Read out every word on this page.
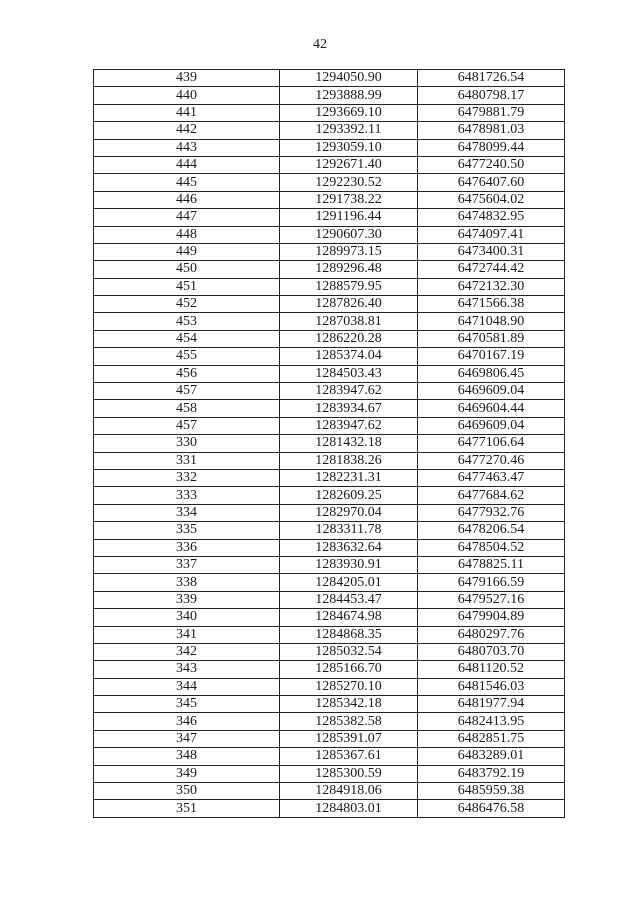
42
439	1294050.90	6481726.54
440	1293888.99	6480798.17
441	1293669.10	6479881.79
442	1293392.11	6478981.03
443	1293059.10	6478099.44
444	1292671.40	6477240.50
445	1292230.52	6476407.60
446	1291738.22	6475604.02
447	1291196.44	6474832.95
448	1290607.30	6474097.41
449	1289973.15	6473400.31
450	1289296.48	6472744.42
451	1288579.95	6472132.30
452	1287826.40	6471566.38
453	1287038.81	6471048.90
454	1286220.28	6470581.89
455	1285374.04	6470167.19
456	1284503.43	6469806.45
457	1283947.62	6469609.04
458	1283934.67	6469604.44
457	1283947.62	6469609.04
330	1281432.18	6477106.64
331	1281838.26	6477270.46
332	1282231.31	6477463.47
333	1282609.25	6477684.62
334	1282970.04	6477932.76
335	1283311.78	6478206.54
336	1283632.64	6478504.52
337	1283930.91	6478825.11
338	1284205.01	6479166.59
339	1284453.47	6479527.16
340	1284674.98	6479904.89
341	1284868.35	6480297.76
342	1285032.54	6480703.70
343	1285166.70	6481120.52
344	1285270.10	6481546.03
345	1285342.18	6481977.94
346	1285382.58	6482413.95
347	1285391.07	6482851.75
348	1285367.61	6483289.01
349	1285300.59	6483792.19
350	1284918.06	6485959.38
351	1284803.01	6486476.58
